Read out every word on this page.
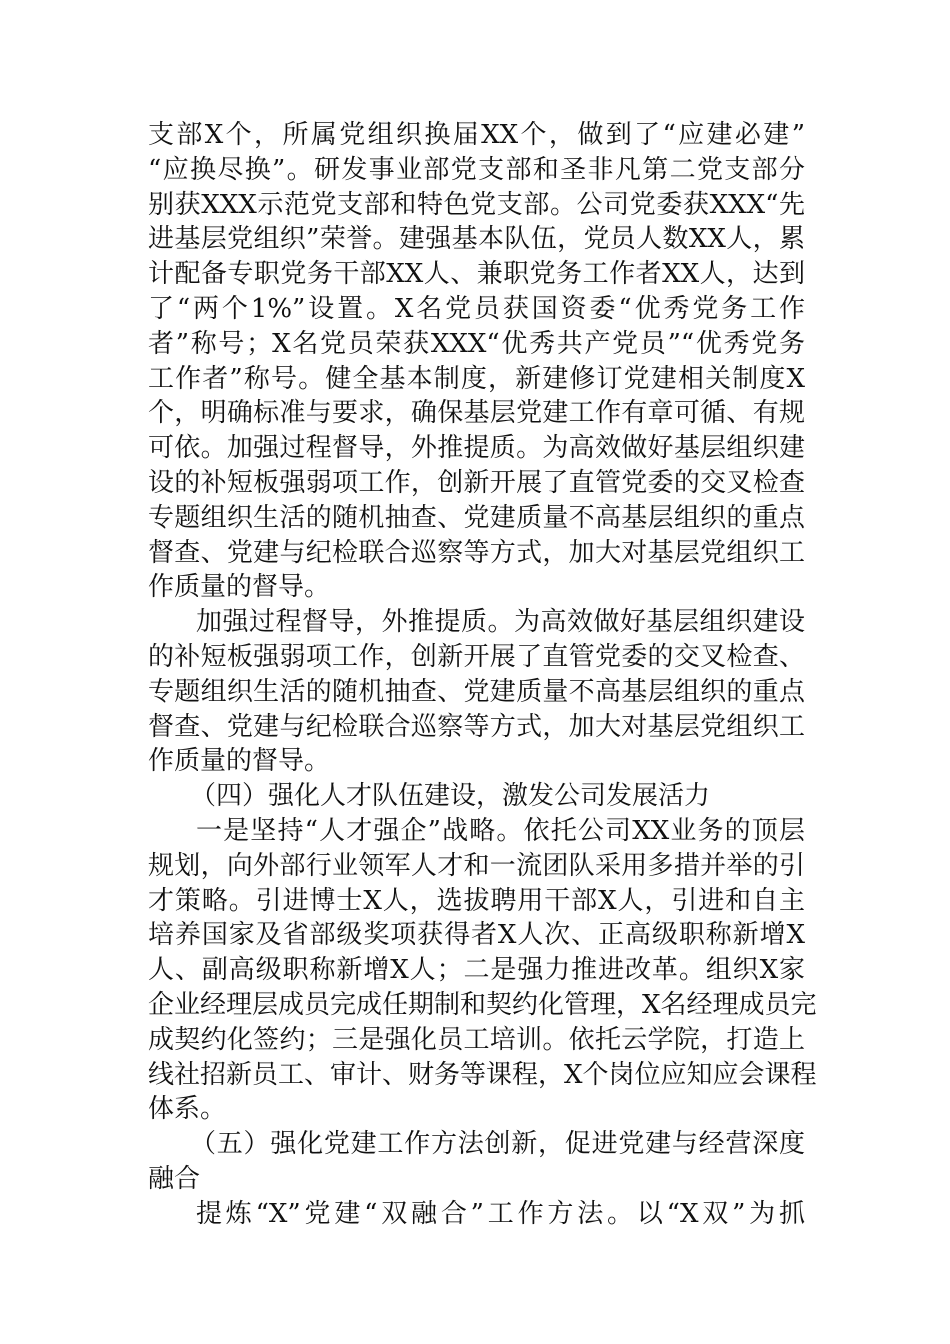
支部X个，所属党组织换届XX个，做到了“应建必建”
“应换尽换”。研发事业部党支部和圣非凡第二党支部分
别获XXX示范党支部和特色党支部。公司党委获XXX“先
进基层党组织”荣誉。建强基本队伍，党员人数XX人，累
计配备专职党务干部XX人、兼职党务工作者XX人，达到
了“两个1%”设置。X名党员获国资委“优秀党务工作
者”称号；X名党员荣获XXX“优秀共产党员”“优秀党务
工作者”称号。健全基本制度，新建修订党建相关制度X
个，明确标准与要求，确保基层党建工作有章可循、有规
可依。加强过程督导，外推提质。为高效做好基层组织建
设的补短板强弱项工作，创新开展了直管党委的交叉检查
专题组织生活的随机抽查、党建质量不高基层组织的重点
督查、党建与纪检联合巡察等方式，加大对基层党组织工
作质量的督导。
加强过程督导，外推提质。为高效做好基层组织建设
的补短板强弱项工作，创新开展了直管党委的交叉检查、
专题组织生活的随机抽查、党建质量不高基层组织的重点
督查、党建与纪检联合巡察等方式，加大对基层党组织工
作质量的督导。
（四）强化人才队伍建设，激发公司发展活力
一是坚持“人才强企”战略。依托公司XX业务的顶层
规划，向外部行业领军人才和一流团队采用多措并举的引
才策略。引进博士X人，选拔聘用干部X人，引进和自主
培养国家及省部级奖项获得者X人次、正高级职称新增X
人、副高级职称新增X人；二是强力推进改革。组织X家
企业经理层成员完成任期制和契约化管理，X名经理成员完
成契约化签约；三是强化员工培训。依托云学院，打造上
线社招新员工、审计、财务等课程，X个岗位应知应会课程
体系。
（五）强化党建工作方法创新，促进党建与经营深度
融合
提炼“X”党建“双融合”工作方法。以“X双”为抓
